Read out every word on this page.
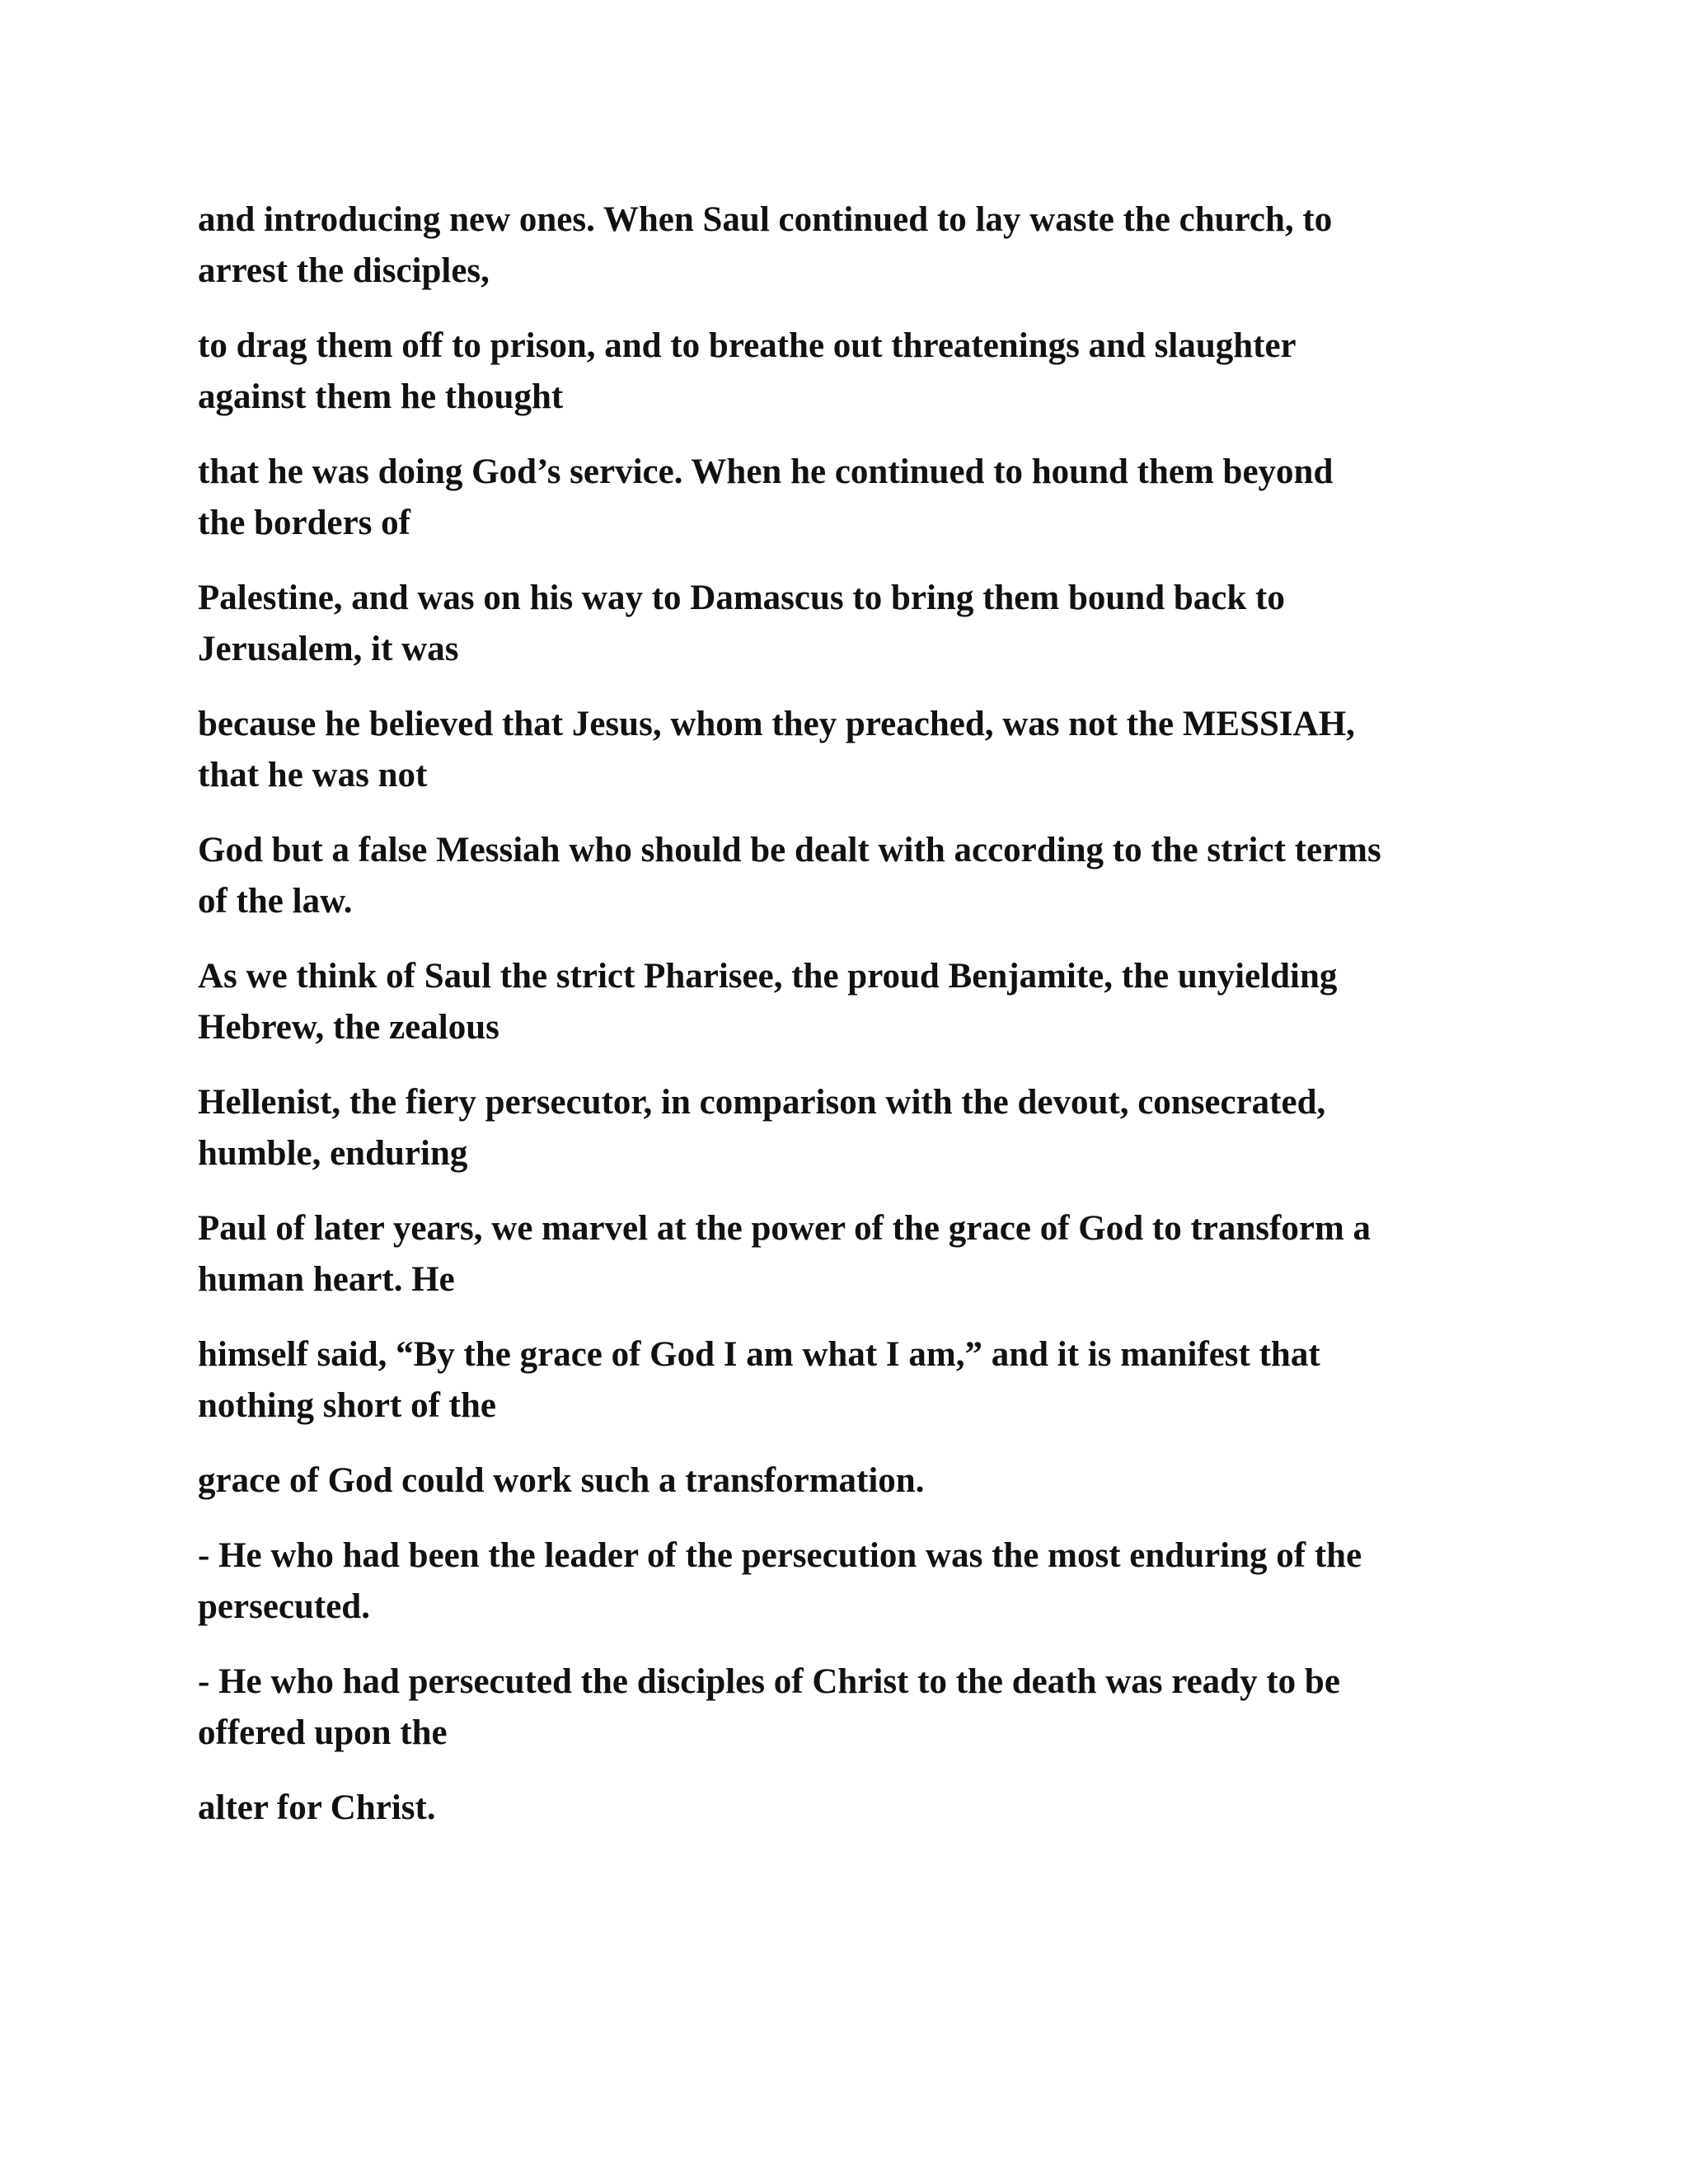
and introducing new ones. When Saul continued to lay waste the church, to
arrest the disciples,

to drag them off to prison, and to breathe out threatenings and slaughter
against them he thought

that he was doing God’s service. When he continued to hound them beyond
the borders of

Palestine, and was on his way to Damascus to bring them bound back to
Jerusalem, it was

because he believed that Jesus, whom they preached, was not the MESSIAH,
that he was not

God but a false Messiah who should be dealt with according to the strict terms
of the law.

As we think of Saul the strict Pharisee, the proud Benjamite, the unyielding
Hebrew, the zealous

Hellenist, the fiery persecutor, in comparison with the devout, consecrated,
humble, enduring

Paul of later years, we marvel at the power of the grace of God to transform a
human heart. He

himself said, “By the grace of God I am what I am,” and it is manifest that
nothing short of the

grace of God could work such a transformation.

- He who had been the leader of the persecution was the most enduring of the
persecuted.

- He who had persecuted the disciples of Christ to the death was ready to be
offered upon the

alter for Christ.
